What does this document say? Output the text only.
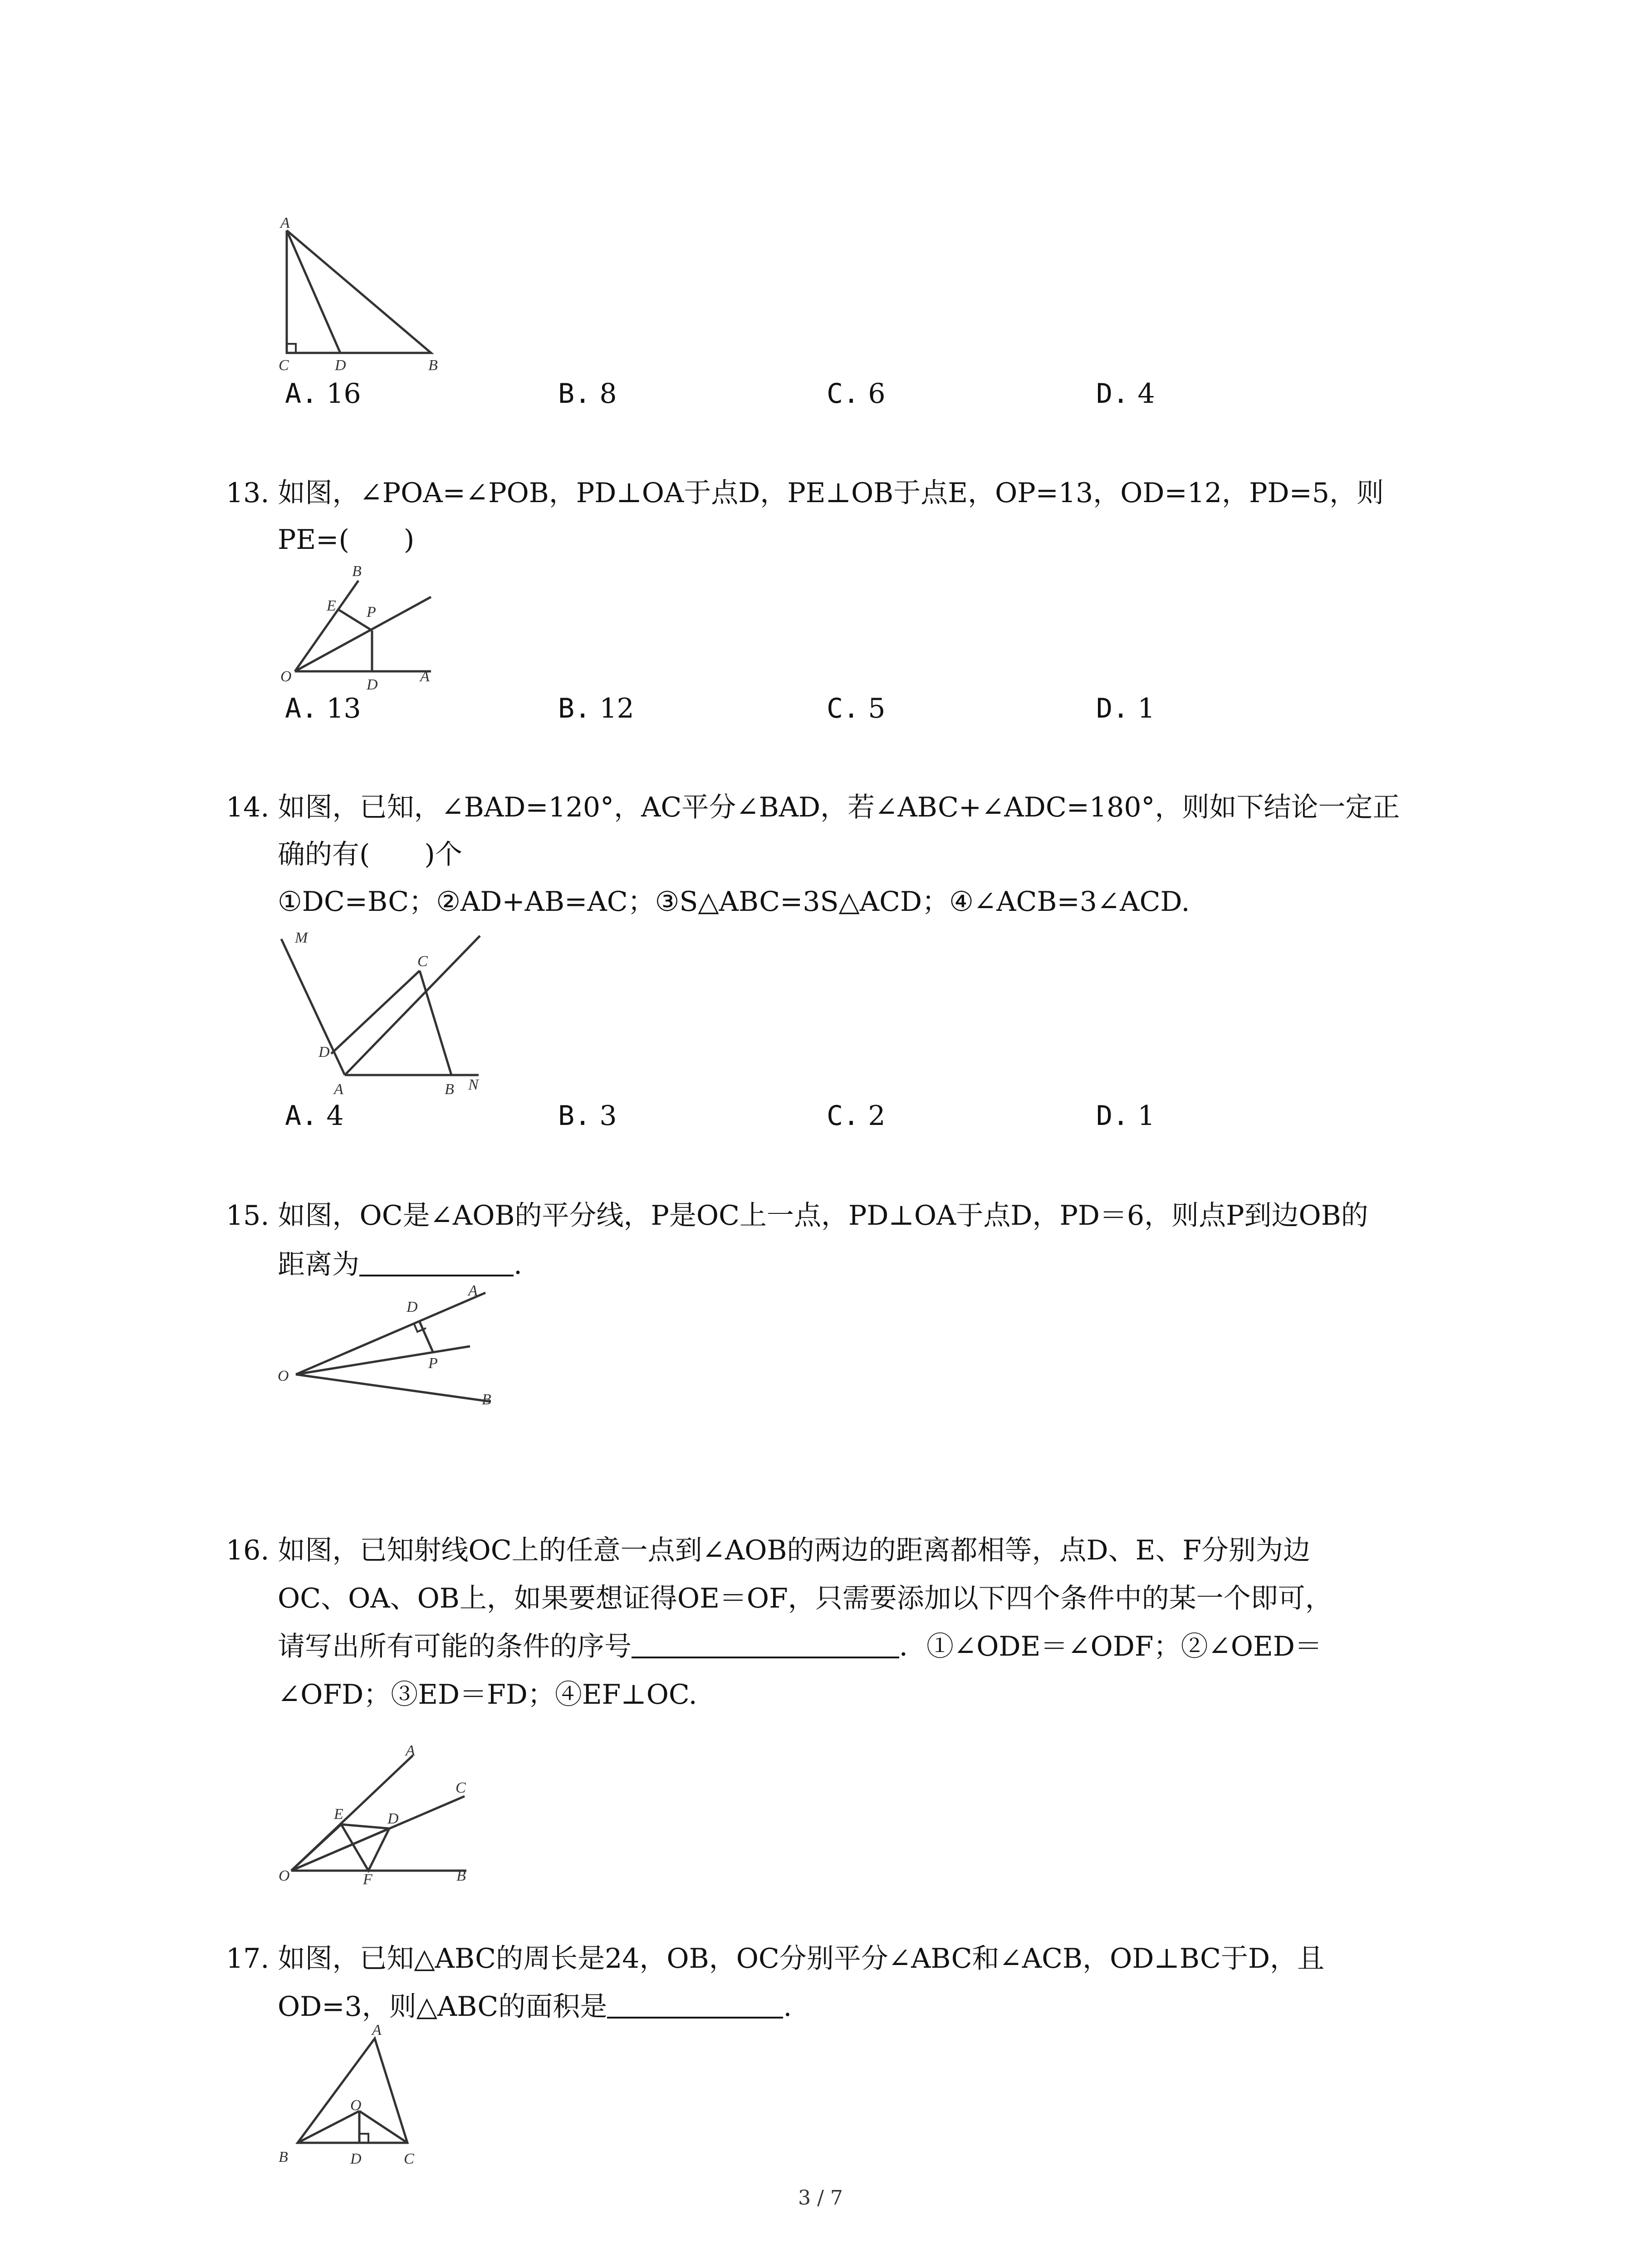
A
C	D	B
A. 16	B. 8	C. 6	D. 4
13. 如图，∠POA=∠POB，PD⊥OA于点D，PE⊥OB于点E，OP=13，OD=12，PD=5，则
PE=(　　)
B
E P
O	D	A
A. 13	B. 12	C. 5	D. 1
14. 如图，已知，∠BAD=120°，AC平分∠BAD，若∠ABC+∠ADC=180°，则如下结论一定正
确的有(　　)个
①DC=BC；②AD+AB=AC；③S△ABC=3S△ACD；④∠ACB=3∠ACD.
M
C
D
A	B N
A. 4	B. 3	C. 2	D. 1
15. 如图，OC是∠AOB的平分线，P是OC上一点，PD⊥OA于点D，PD＝6，则点P到边OB的
距离为	.
D
A
O
P
B
16. 如图，已知射线OC上的任意一点到∠AOB的两边的距离都相等，点D、E、F分别为边
OC、OA、OB上，如果要想证得OE＝OF，只需要添加以下四个条件中的某一个即可，
请写出所有可能的条件的序号	．①∠ODE＝∠ODF；②∠OED＝
∠OFD；③ED＝FD；④EF⊥OC.
A
C
E	D
O	F	B
17. 如图，已知△ABC的周长是24，OB，OC分别平分∠ABC和∠ACB，OD⊥BC于D，且
OD=3，则△ABC的面积是	.
A
O
B	D	C
3 / 7
